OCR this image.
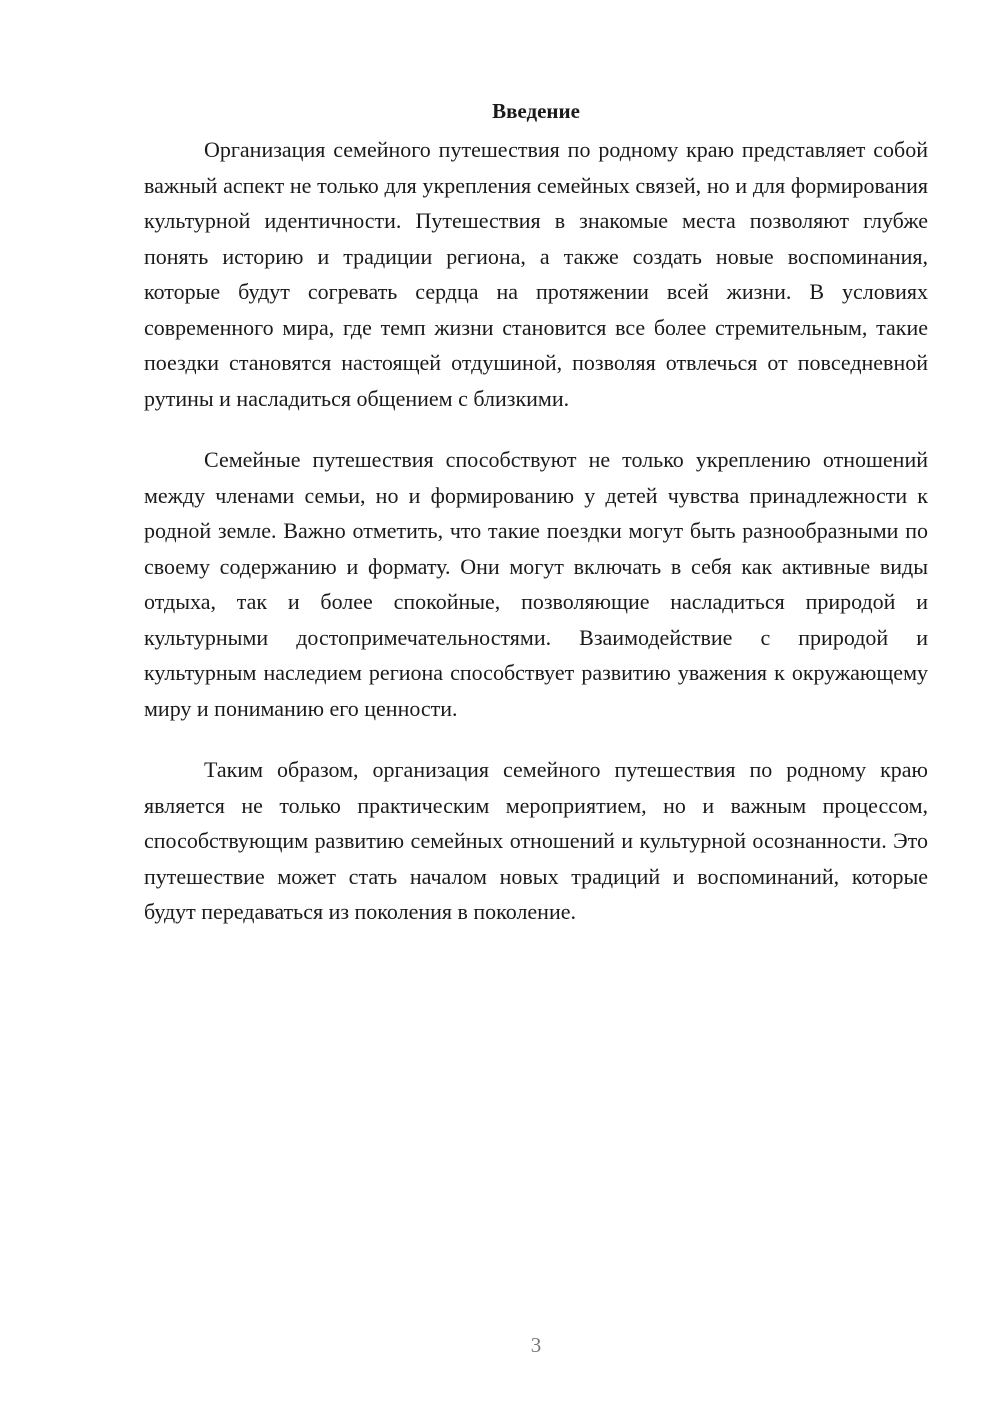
Введение

Организация семейного путешествия по родному краю представляет собой важный аспект не только для укрепления семейных связей, но и для формирования культурной идентичности. Путешествия в знакомые места позволяют глубже понять историю и традиции региона, а также создать новые воспоминания, которые будут согревать сердца на протяжении всей жизни. В условиях современного мира, где темп жизни становится все более стремительным, такие поездки становятся настоящей отдушиной, позволяя отвлечься от повседневной рутины и насладиться общением с близкими.

Семейные путешествия способствуют не только укреплению отношений между членами семьи, но и формированию у детей чувства принадлежности к родной земле. Важно отметить, что такие поездки могут быть разнообразными по своему содержанию и формату. Они могут включать в себя как активные виды отдыха, так и более спокойные, позволяющие насладиться природой и культурными достопримечательностями. Взаимодействие с природой и культурным наследием региона способствует развитию уважения к окружающему миру и пониманию его ценности.

Таким образом, организация семейного путешествия по родному краю является не только практическим мероприятием, но и важным процессом, способствующим развитию семейных отношений и культурной осознанности. Это путешествие может стать началом новых традиций и воспоминаний, которые будут передаваться из поколения в поколение.

3
